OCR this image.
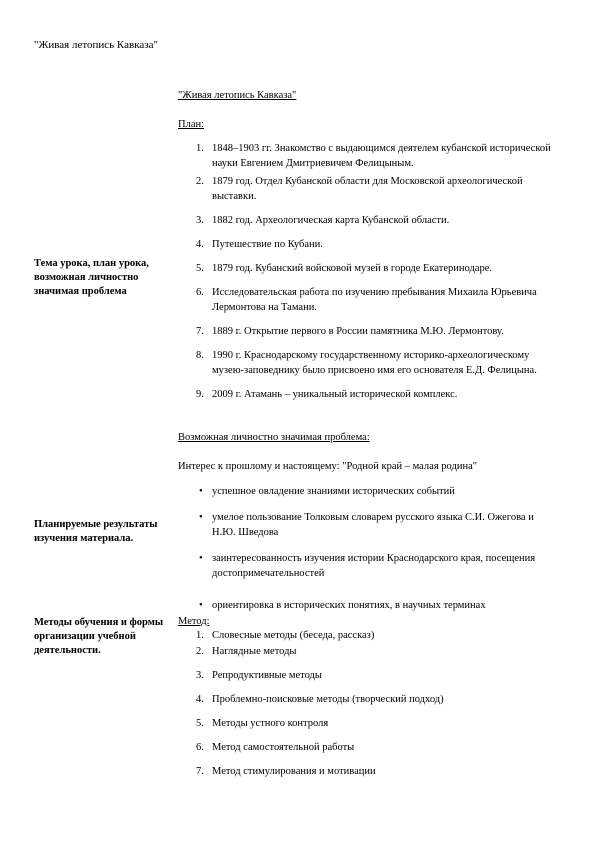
"Живая летопись Кавказа"
"Живая летопись Кавказа"
План:
1. 1848–1903 гг. Знакомство с выдающимся деятелем кубанской исторической науки Евгением Дмитриевичем Фелицыным.
2. 1879 год. Отдел Кубанской области для Московской археологической выставки.
3. 1882 год. Археологическая карта Кубанской области.
4. Путешествие по Кубани.
5. 1879 год. Кубанский войсковой музей в городе Екатеринодаре.
6. Исследовательская работа по изучению пребывания Михаила Юрьевича Лермонтова на Тамани.
7. 1889 г. Открытие первого в России памятника М.Ю. Лермонтову.
8. 1990 г. Краснодарскому государственному историко-археологическому музею-заповеднику было присвоено имя его основателя Е.Д. Фелицына.
9. 2009 г. Атамань – уникальный исторической комплекс.
Тема урока, план урока, возможная личностно значимая проблема
Возможная личностно значимая проблема:
Интерес к прошлому и настоящему: "Родной край – малая родина"
• успешное овладение знаниями исторических событий
• умелое пользование Толковым словарем русского языка С.И. Ожегова и Н.Ю. Шведова
• заинтересованность изучения истории Краснодарского края, посещения достопримечательностей
• ориентировка в исторических понятиях, в научных терминах
Планируемые результаты изучения материала.
Методы обучения и формы организации учебной деятельности.
Метод:
1. Словесные методы (беседа, рассказ)
2. Наглядные методы
3. Репродуктивные методы
4. Проблемно-поисковые методы (творческий подход)
5. Методы устного контроля
6. Метод самостоятельной работы
7. Метод стимулирования и мотивации
